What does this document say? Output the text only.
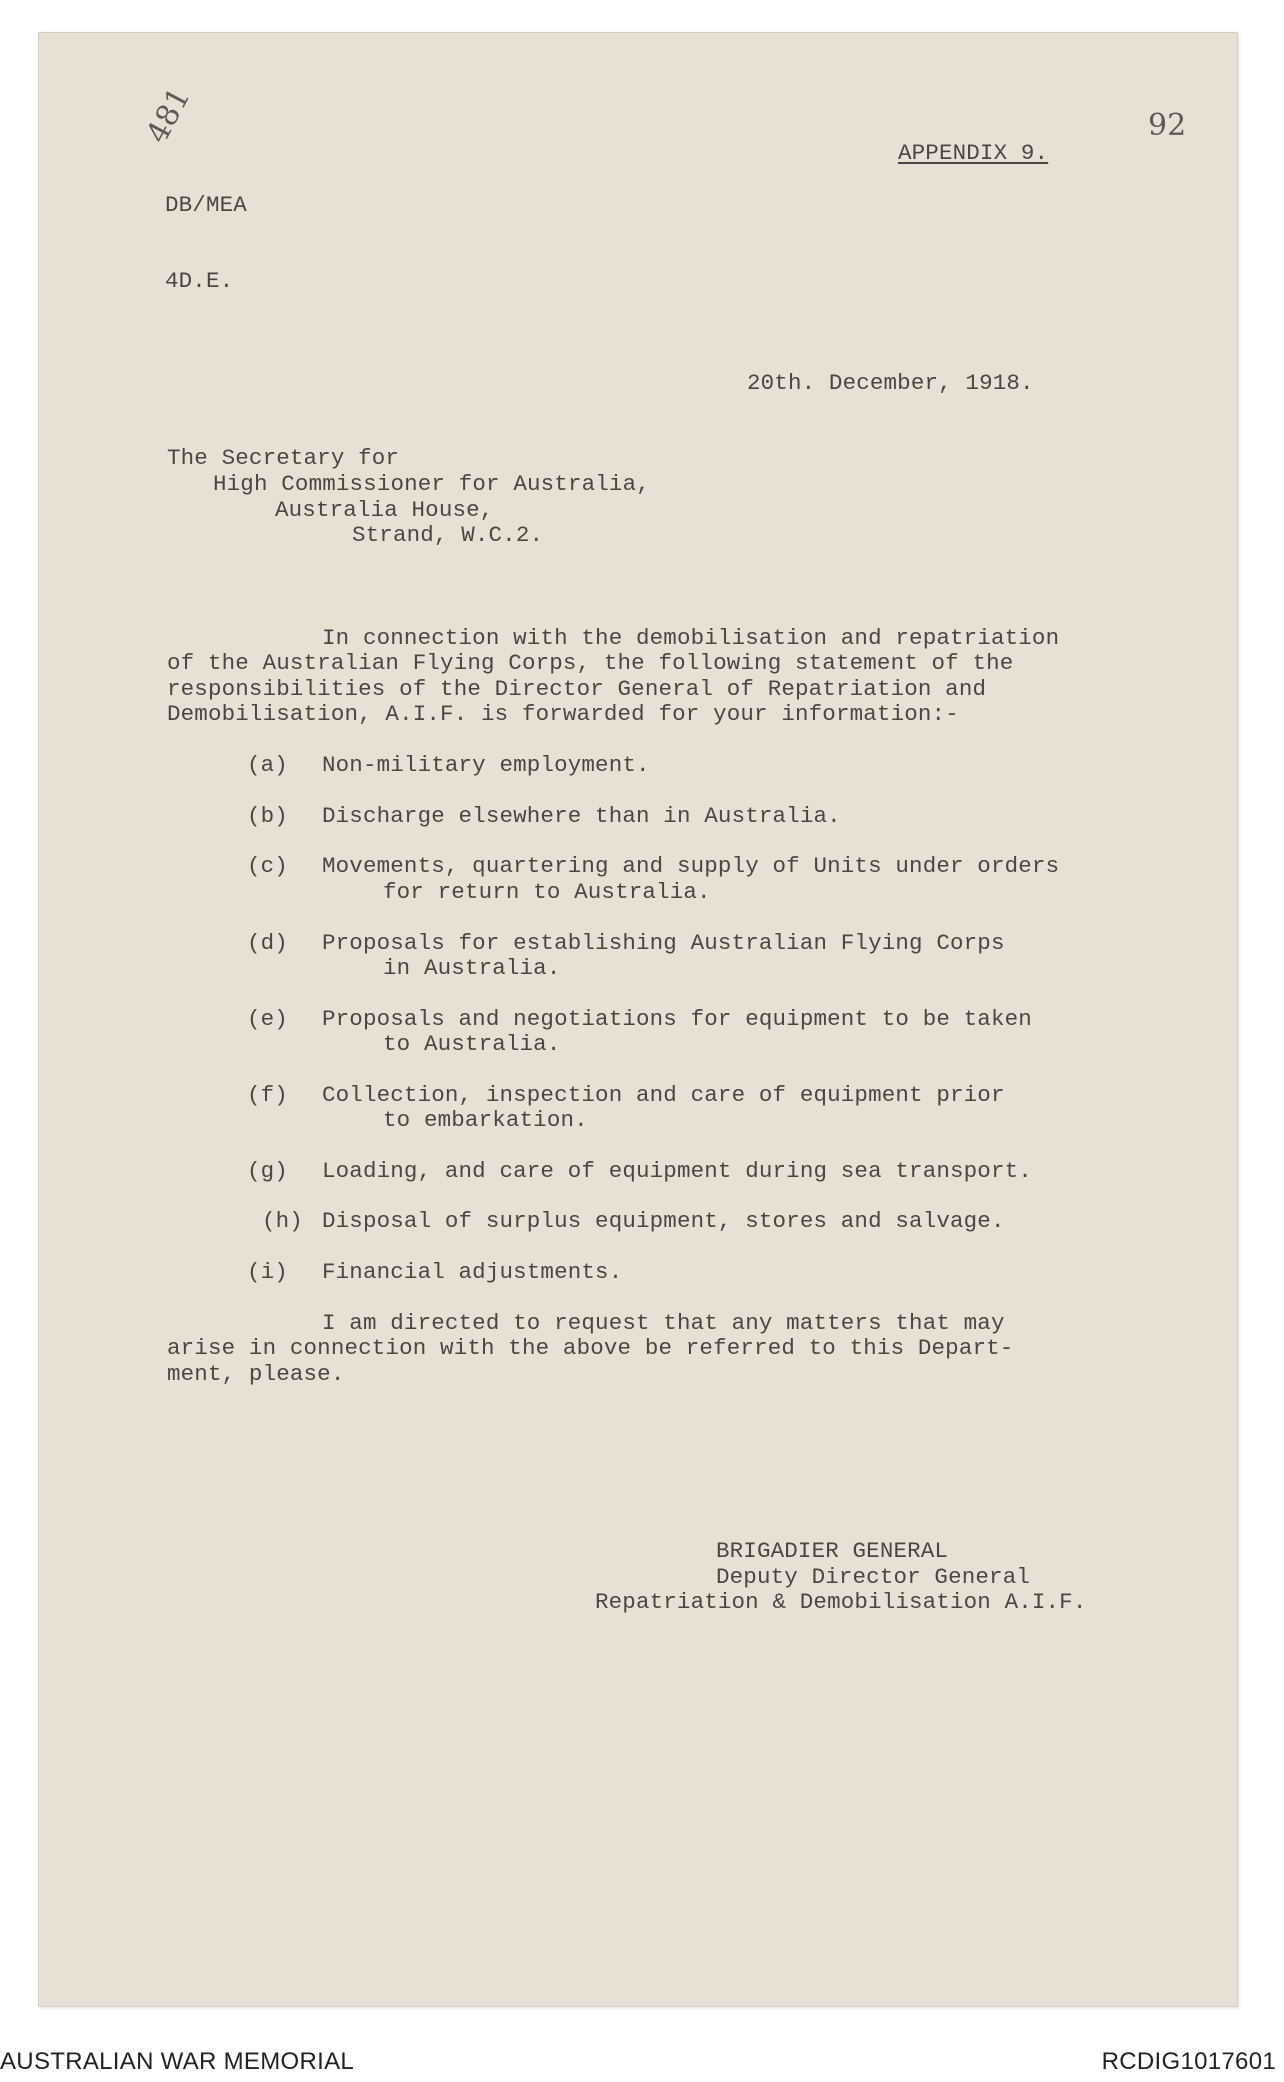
481	92
APPENDIX 9.
DB/MEA
4D.E.
20th. December, 1918.
The Secretary for
High Commissioner for Australia,
Australia House,
Strand, W.C.2.
In connection with the demobilisation and repatriation
of the Australian Flying Corps, the following statement of the
responsibilities of the Director General of Repatriation and
Demobilisation, A.I.F. is forwarded for your information:-
(a) Non-military employment.
(b) Discharge elsewhere than in Australia.
(c) Movements, quartering and supply of Units under orders
for return to Australia.
(d) Proposals for establishing Australian Flying Corps
in Australia.
(e) Proposals and negotiations for equipment to be taken
to Australia.
(f) Collection, inspection and care of equipment prior
to embarkation.
(g) Loading, and care of equipment during sea transport.
(h) Disposal of surplus equipment, stores and salvage.
(i) Financial adjustments.
I am directed to request that any matters that may
arise in connection with the above be referred to this Depart-
ment, please.
BRIGADIER GENERAL
Deputy Director General
Repatriation & Demobilisation A.I.F.
AUSTRALIAN WAR MEMORIAL	RCDIG1017601
